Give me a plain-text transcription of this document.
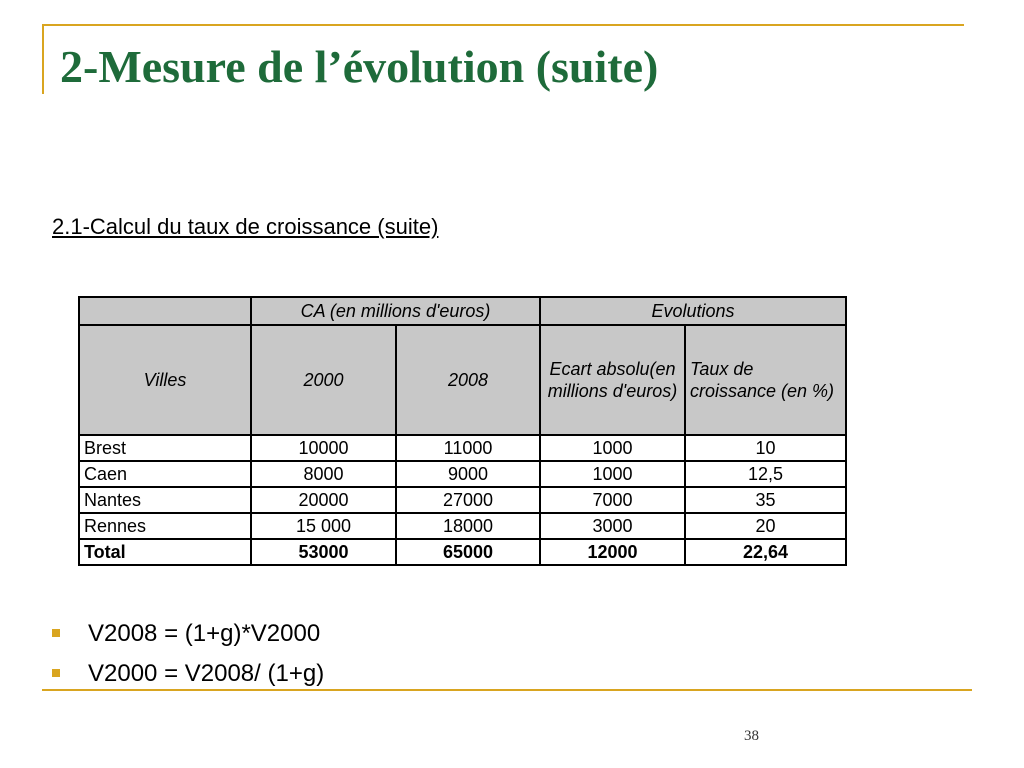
2-Mesure de l’évolution (suite)
2.1-Calcul du taux de croissance (suite)
	CA (en millions d'euros)		Evolutions	
Villes	2000	2008	Ecart absolu(en millions d'euros)	Taux de croissance (en %)
Brest	10000	11000	1000	10
Caen	8000	9000	1000	12,5
Nantes	20000	27000	7000	35
Rennes	15 000	18000	3000	20
Total	53000	65000	12000	22,64
V2008 = (1+g)*V2000
V2000 = V2008/ (1+g)
38
